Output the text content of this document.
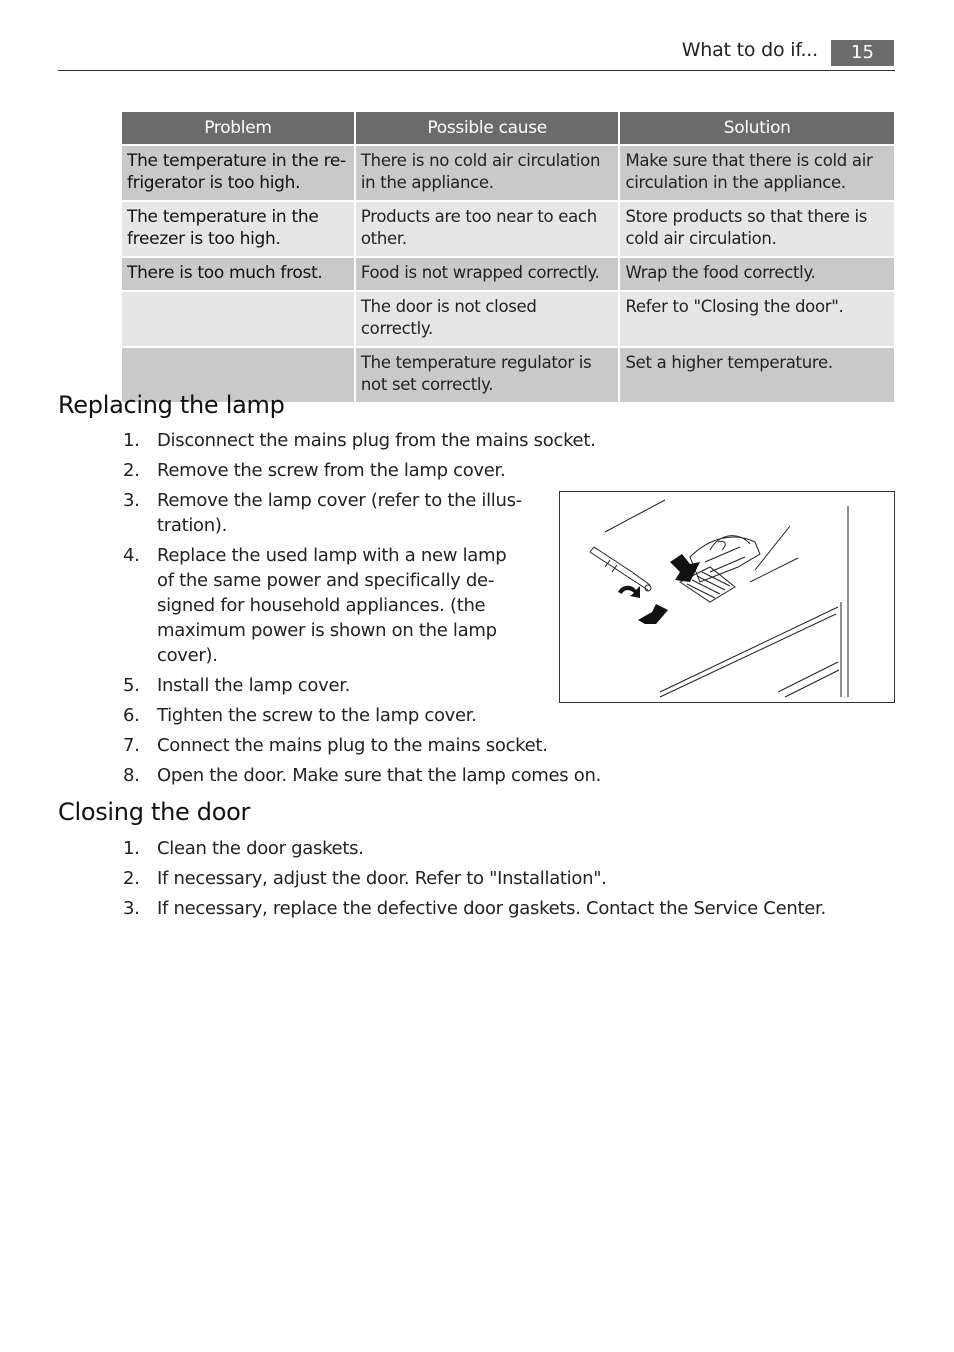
What to do if...	15
Problem	Possible cause	Solution
The temperature in the re-
frigerator is too high.	There is no cold air circulation in the appliance.	Make sure that there is cold air circulation in the appliance.
The temperature in the freezer is too high.	Products are too near to each other.	Store products so that there is cold air circulation.
There is too much frost.	Food is not wrapped correctly.	Wrap the food correctly.
	The door is not closed correctly.	Refer to "Closing the door".
	The temperature regulator is not set correctly.	Set a higher temperature.
Replacing the lamp
1. Disconnect the mains plug from the mains socket.
2. Remove the screw from the lamp cover.
3. Remove the lamp cover (refer to the illus-
tration).
4. Replace the used lamp with a new lamp
of the same power and specifically de-
signed for household appliances. (the
maximum power is shown on the lamp
cover).
5. Install the lamp cover.
6. Tighten the screw to the lamp cover.
7. Connect the mains plug to the mains socket.
8. Open the door. Make sure that the lamp comes on.
Closing the door
1. Clean the door gaskets.
2. If necessary, adjust the door. Refer to "Installation".
3. If necessary, replace the defective door gaskets. Contact the Service Center.
